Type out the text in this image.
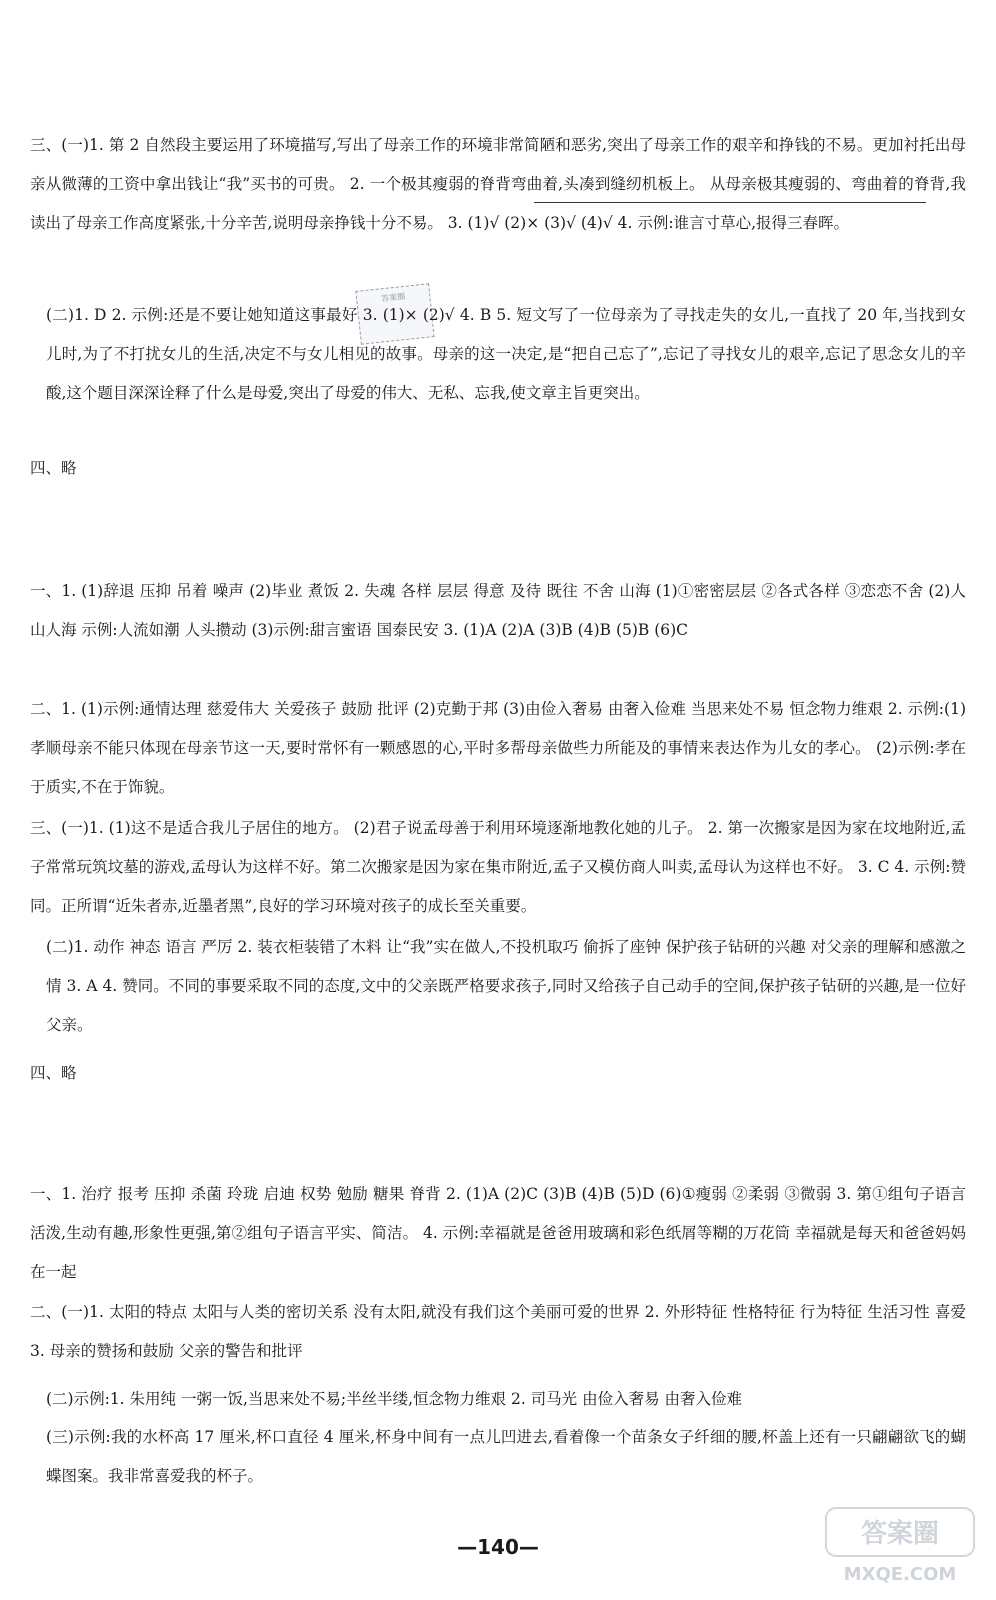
三、(一)1. 第 2 自然段主要运用了环境描写,写出了母亲工作的环境非常简陋和恶劣,突出了母亲工作的艰辛和挣钱的不易。更加衬托出母亲从微薄的工资中拿出钱让“我”买书的可贵。 2. 一个极其瘦弱的脊背弯曲着,头凑到缝纫机板上。 从母亲极其瘦弱的、弯曲着的脊背,我读出了母亲工作高度紧张,十分辛苦,说明母亲挣钱十分不易。 3. (1)√ (2)× (3)√ (4)√ 4. 示例:谁言寸草心,报得三春晖。

答案圈

(二)1. D 2. 示例:还是不要让她知道这事最好 3. (1)× (2)√ 4. B 5. 短文写了一位母亲为了寻找走失的女儿,一直找了 20 年,当找到女儿时,为了不打扰女儿的生活,决定不与女儿相见的故事。母亲的这一决定,是“把自己忘了”,忘记了寻找女儿的艰辛,忘记了思念女儿的辛酸,这个题目深深诠释了什么是母爱,突出了母爱的伟大、无私、忘我,使文章主旨更突出。

四、略

一、1. (1)辞退 压抑 吊着 噪声 (2)毕业 煮饭 2. 失魂 各样 层层 得意 及待 既往 不舍 山海 (1)①密密层层 ②各式各样 ③恋恋不舍 (2)人山人海 示例:人流如潮 人头攒动 (3)示例:甜言蜜语 国泰民安 3. (1)A (2)A (3)B (4)B (5)B (6)C

二、1. (1)示例:通情达理 慈爱伟大 关爱孩子 鼓励 批评 (2)克勤于邦 (3)由俭入奢易 由奢入俭难 当思来处不易 恒念物力维艰 2. 示例:(1)孝顺母亲不能只体现在母亲节这一天,要时常怀有一颗感恩的心,平时多帮母亲做些力所能及的事情来表达作为儿女的孝心。 (2)示例:孝在于质实,不在于饰貌。

三、(一)1. (1)这不是适合我儿子居住的地方。 (2)君子说孟母善于利用环境逐渐地教化她的儿子。 2. 第一次搬家是因为家在坟地附近,孟子常常玩筑坟墓的游戏,孟母认为这样不好。第二次搬家是因为家在集市附近,孟子又模仿商人叫卖,孟母认为这样也不好。 3. C 4. 示例:赞同。正所谓“近朱者赤,近墨者黑”,良好的学习环境对孩子的成长至关重要。

(二)1. 动作 神态 语言 严厉 2. 装衣柜装错了木料 让“我”实在做人,不投机取巧 偷拆了座钟 保护孩子钻研的兴趣 对父亲的理解和感激之情 3. A 4. 赞同。不同的事要采取不同的态度,文中的父亲既严格要求孩子,同时又给孩子自己动手的空间,保护孩子钻研的兴趣,是一位好父亲。

四、略

一、1. 治疗 报考 压抑 杀菌 玲珑 启迪 权势 勉励 糖果 脊背 2. (1)A (2)C (3)B (4)B (5)D (6)①瘦弱 ②柔弱 ③微弱 3. 第①组句子语言活泼,生动有趣,形象性更强,第②组句子语言平实、简洁。 4. 示例:幸福就是爸爸用玻璃和彩色纸屑等糊的万花筒 幸福就是每天和爸爸妈妈在一起

二、(一)1. 太阳的特点 太阳与人类的密切关系 没有太阳,就没有我们这个美丽可爱的世界 2. 外形特征 性格特征 行为特征 生活习性 喜爱 3. 母亲的赞扬和鼓励 父亲的警告和批评

(二)示例:1. 朱用纯 一粥一饭,当思来处不易;半丝半缕,恒念物力维艰 2. 司马光 由俭入奢易 由奢入俭难

(三)示例:我的水杯高 17 厘米,杯口直径 4 厘米,杯身中间有一点儿凹进去,看着像一个苗条女子纤细的腰,杯盖上还有一只翩翩欲飞的蝴蝶图案。我非常喜爱我的杯子。

—140—	答案圈
MXQE.COM
